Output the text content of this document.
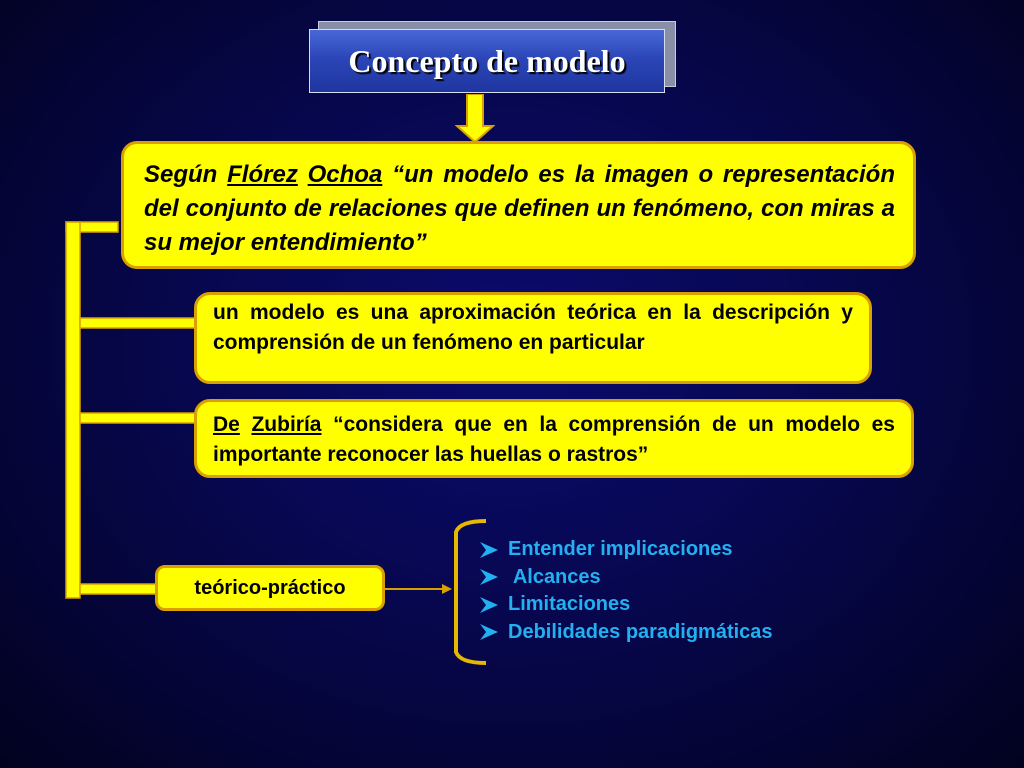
Concepto de modelo

Según Flórez Ochoa “un modelo es la imagen o representación del conjunto de relaciones que definen un fenómeno, con miras a su mejor entendimiento”

un modelo es una aproximación teórica en la descripción y comprensión de un fenómeno en particular

De Zubiría “considera que en la comprensión de un modelo es importante reconocer las huellas o rastros”

teórico-práctico
Entender implicaciones
Alcances
Limitaciones
Debilidades paradigmáticas
